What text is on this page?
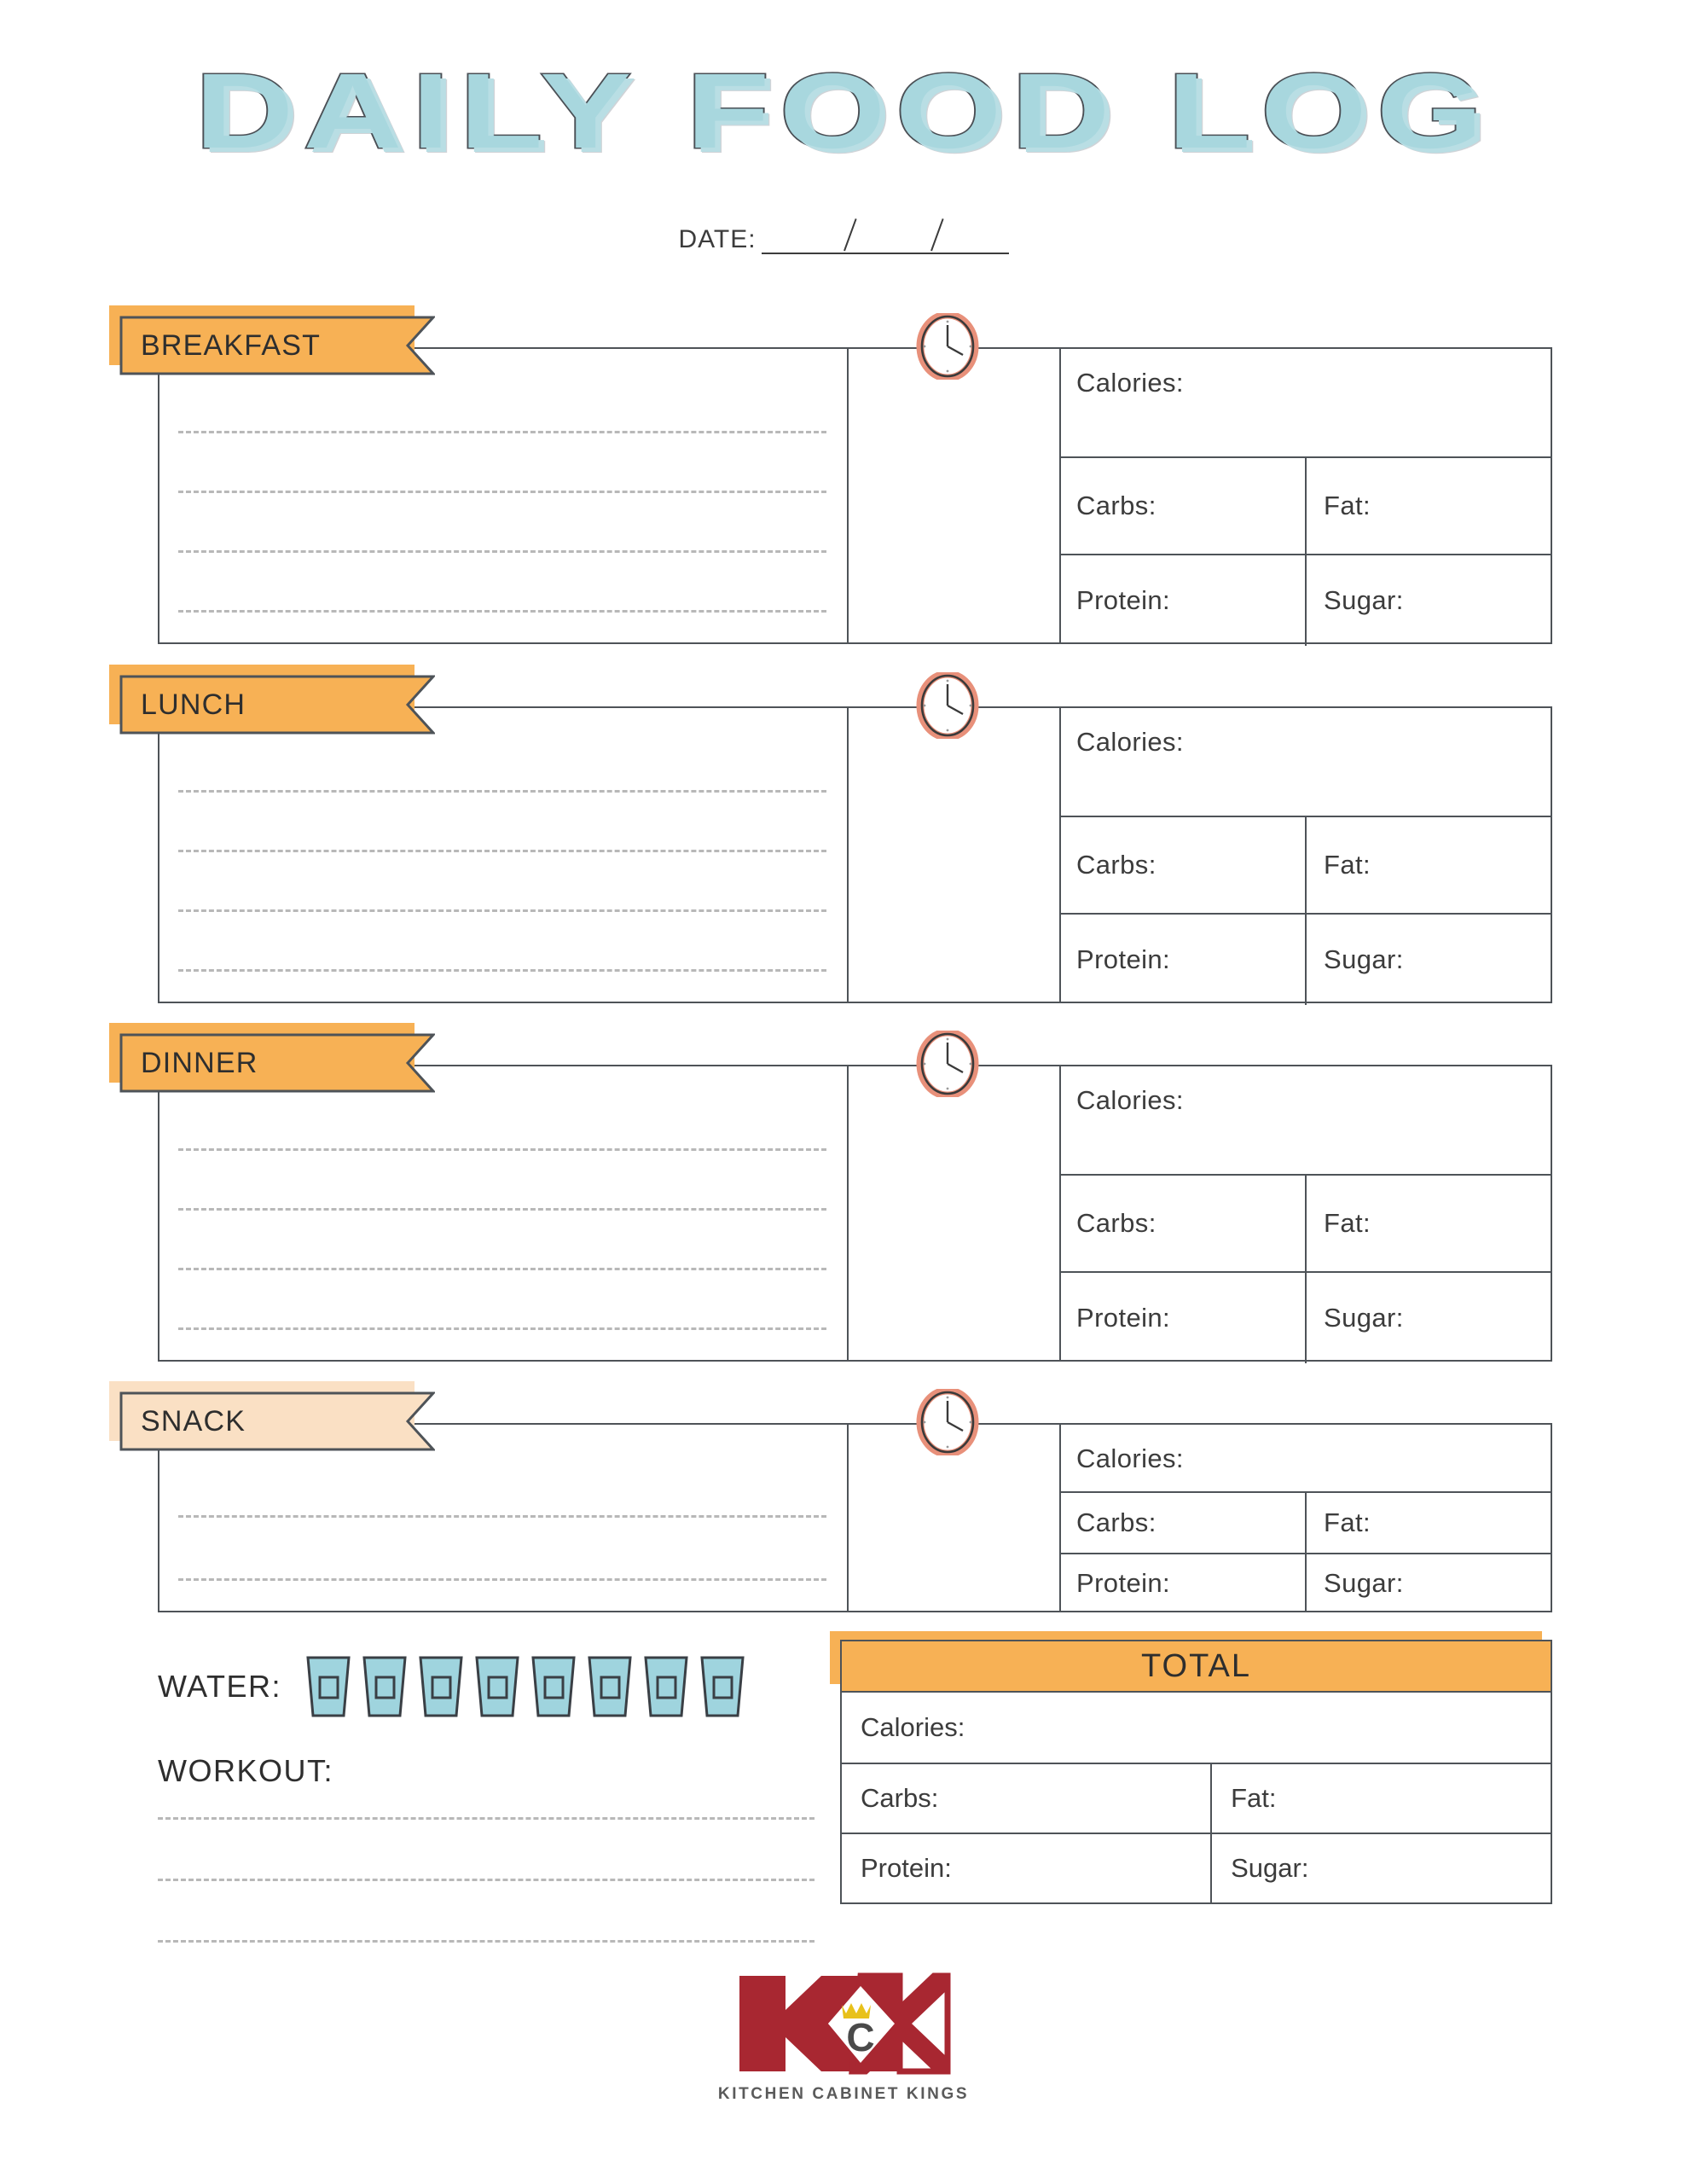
DAILY FOOD LOG
DATE:
Calories:
Carbs:	Fat:
Protein:	Sugar:
BREAKFAST
Calories:
Carbs:	Fat:
Protein:	Sugar:
LUNCH
Calories:
Carbs:	Fat:
Protein:	Sugar:
DINNER
Calories:
Carbs:	Fat:
Protein:	Sugar:
SNACK
WATER:
WORKOUT:
TOTAL
Calories:
Carbs:	Fat:
Protein:	Sugar:
C
KITCHEN CABINET KINGS
